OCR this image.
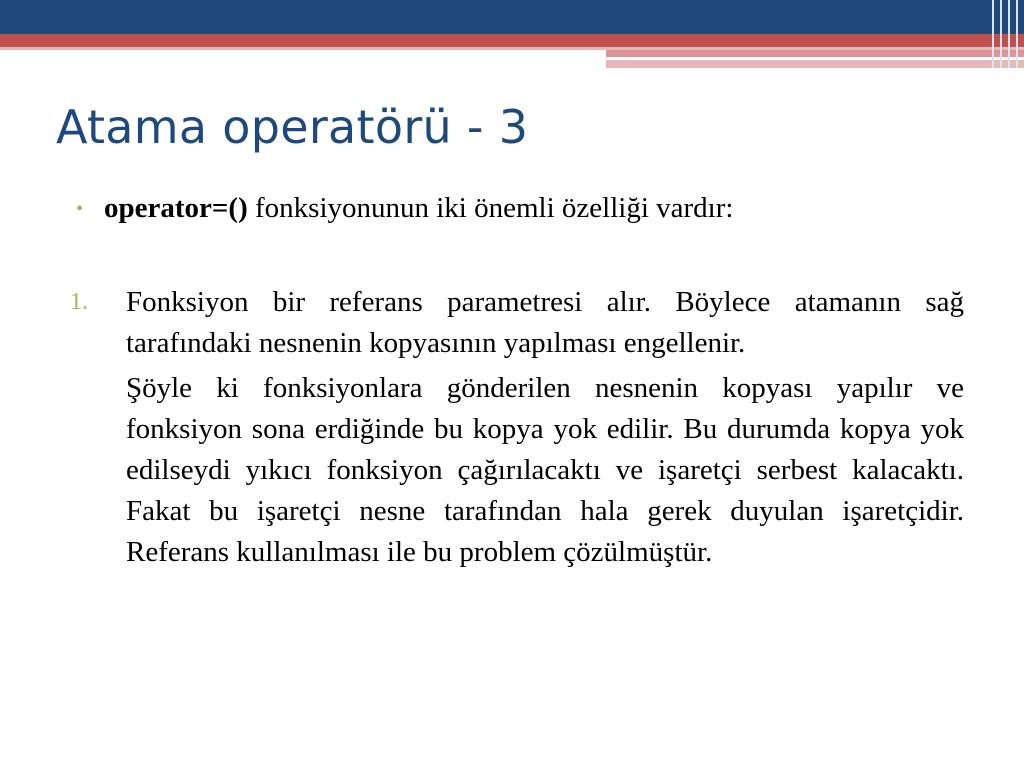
Atama operatörü - 3
• operator=() fonksiyonunun iki önemli özelliği vardır:
1. Fonksiyon bir referans parametresi alır. Böylece atamanın sağ tarafındaki nesnenin kopyasının yapılması engellenir.

Şöyle ki fonksiyonlara gönderilen nesnenin kopyası yapılır ve fonksiyon sona erdiğinde bu kopya yok edilir. Bu durumda kopya yok edilseydi yıkıcı fonksiyon çağırılacaktı ve işaretçi serbest kalacaktı. Fakat bu işaretçi nesne tarafından hala gerek duyulan işaretçidir. Referans kullanılması ile bu problem çözülmüştür.
